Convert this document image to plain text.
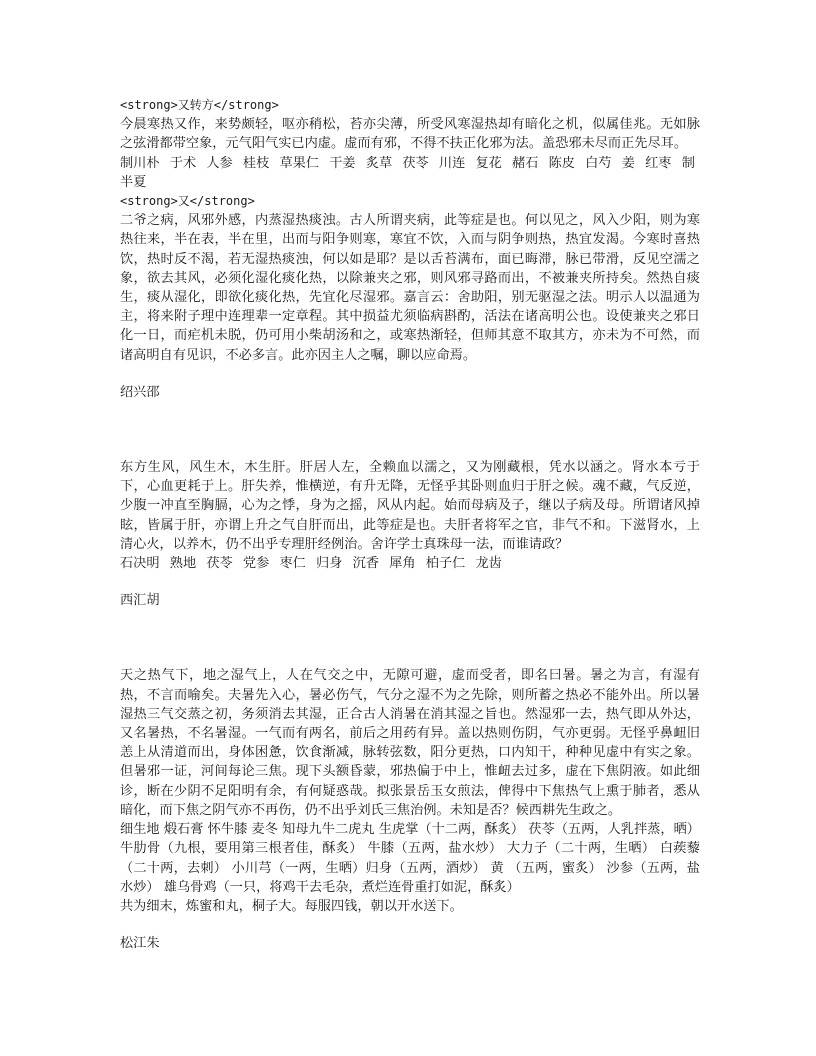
<strong>又转方</strong>

今晨寒热又作，来势颇轻，呕亦稍松，苔亦尖薄，所受风寒湿热却有暗化之机，似属佳兆。无如脉之弦滑都带空象，元气阳气实已内虚。虚而有邪，不得不扶正化邪为法。盖恐邪未尽而正先尽耳。

制川朴 于术 人参 桂枝 草果仁 干姜 炙草 茯苓 川连 复花 赭石 陈皮 白芍 姜 红枣 制半夏

<strong>又</strong>

二爷之病，风邪外感，内蒸湿热痰浊。古人所谓夹病，此等症是也。何以见之，风入少阳，则为寒热往来，半在表，半在里，出而与阳争则寒，寒宜不饮，入而与阴争则热，热宜发渴。今寒时喜热饮，热时反不渴，若无湿热痰浊，何以如是耶？是以舌苔满布，面已晦滞，脉已带滑，反见空濡之象，欲去其风，必须化湿化痰化热，以除兼夹之邪，则风邪寻路而出，不被兼夹所持矣。然热自痰生，痰从湿化，即欲化痰化热，先宜化尽湿邪。嘉言云：舍助阳，别无驱湿之法。明示人以温通为主，将来附子理中连理辈一定章程。其中损益尤须临病斟酌，活法在诸高明公也。设使兼夹之邪日化一日，而疟机未脱，仍可用小柴胡汤和之，或寒热渐轻，但师其意不取其方，亦未为不可然，而诸高明自有见识，不必多言。此亦因主人之嘱，聊以应命焉。

绍兴邵

东方生风，风生木，木生肝。肝居人左，全赖血以濡之，又为刚藏根，凭水以涵之。肾水本亏于下，心血更耗于上。肝失养，惟横逆，有升无降，无怪乎其卧则血归于肝之候。魂不藏，气反逆，少腹一冲直至胸膈，心为之悸，身为之摇，风从内起。始而母病及子，继以子病及母。所谓诸风掉眩，皆属于肝，亦谓上升之气自肝而出，此等症是也。夫肝者将军之官，非气不和。下滋肾水，上清心火，以养木，仍不出乎专理肝经例治。舍许学士真珠母一法，而谁请政？

石决明 熟地 茯苓 党参 枣仁 归身 沉香 犀角 柏子仁 龙齿

西汇胡

天之热气下，地之湿气上，人在气交之中，无隙可避，虚而受者，即名曰暑。暑之为言，有湿有热，不言而喻矣。夫暑先入心，暑必伤气，气分之湿不为之先除，则所蓄之热必不能外出。所以暑湿热三气交蒸之初，务须消去其湿，正合古人消暑在消其湿之旨也。然湿邪一去，热气即从外达，又名暑热，不名暑湿。一气而有两名，前后之用药有异。盖以热则伤阴，气亦更弱。无怪乎鼻衄旧恙上从清道而出，身体困惫，饮食渐减，脉转弦数，阳分更热，口内知干，种种见虚中有实之象。但暑邪一证，河间每论三焦。现下头额昏蒙，邪热偏于中上，惟衄去过多，虚在下焦阴液。如此细诊，断在少阴不足阳明有余，有何疑惑哉。拟张景岳玉女煎法，俾得中下焦热气上熏于肺者，悉从暗化，而下焦之阴气亦不再伤，仍不出乎刘氏三焦治例。未知是否？候西耕先生政之。

细生地 煅石膏 怀牛膝 麦冬 知母九牛二虎丸 生虎掌（十二两，酥炙） 茯苓（五两，人乳拌蒸，晒） 牛肋骨（九根，要用第三根者佳，酥炙） 牛膝（五两，盐水炒） 大力子（二十两，生晒） 白蒺藜（二十两，去刺） 小川芎（一两，生晒）归身（五两，酒炒） 黄 （五两，蜜炙） 沙参（五两，盐水炒） 雄乌骨鸡（一只，将鸡干去毛杂，煮烂连骨重打如泥，酥炙）

共为细末，炼蜜和丸，桐子大。每服四钱，朝以开水送下。

松江朱
